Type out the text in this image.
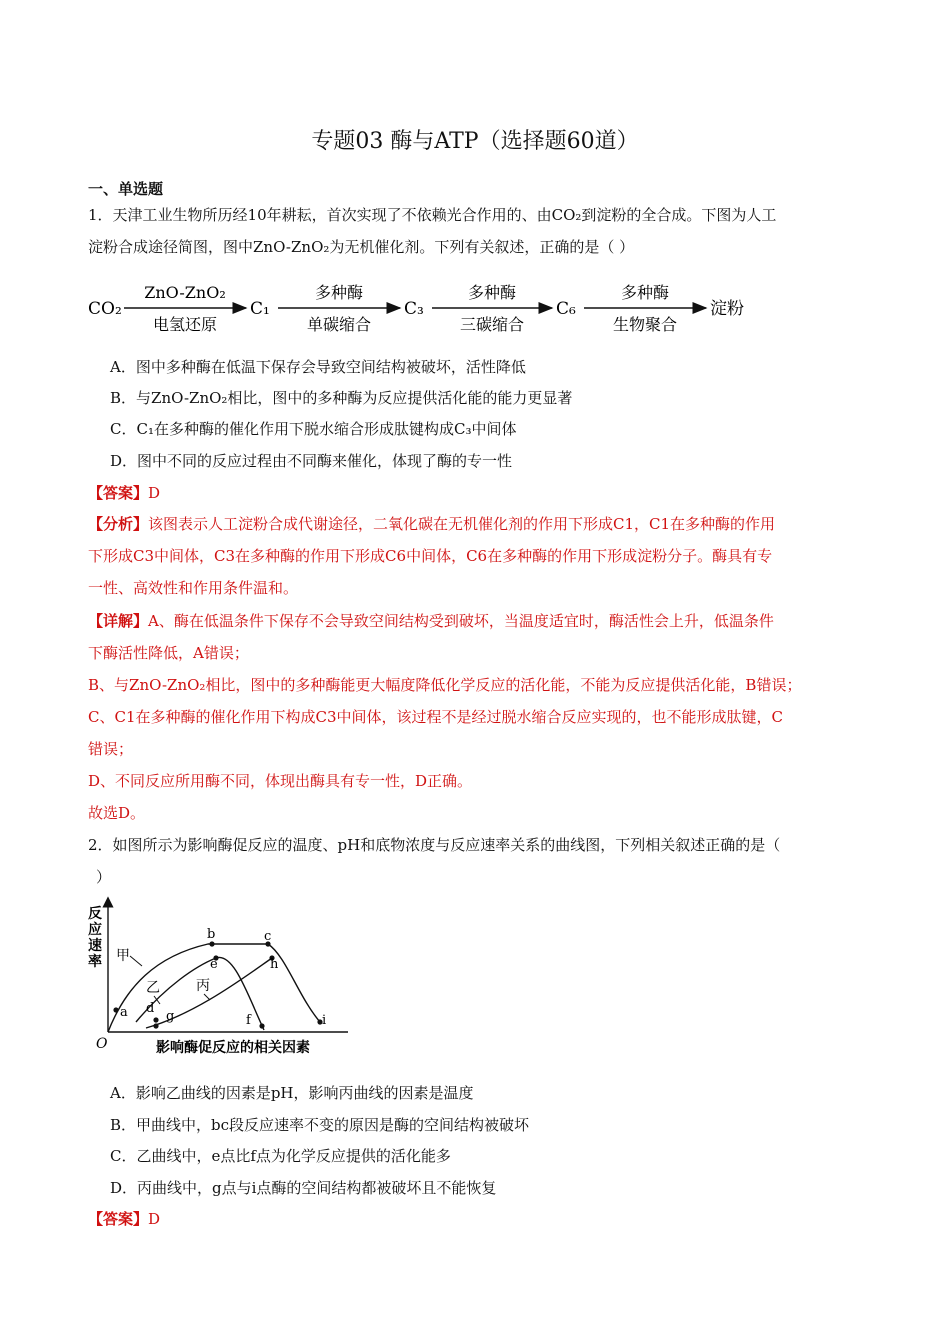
专题03 酶与ATP（选择题60道）
一、单选题
1．天津工业生物所历经10年耕耘，首次实现了不依赖光合作用的、由CO₂到淀粉的全合成。下图为人工
淀粉合成途径简图，图中ZnO-ZnO₂为无机催化剂。下列有关叙述，正确的是（ ）
CO₂
ZnO-ZnO₂
电氢还原
C₁
多种酶
单碳缩合
C₃
多种酶
三碳缩合
C₆
多种酶
生物聚合
淀粉
A．图中多种酶在低温下保存会导致空间结构被破坏，活性降低
B．与ZnO-ZnO₂相比，图中的多种酶为反应提供活化能的能力更显著
C．C₁在多种酶的催化作用下脱水缩合形成肽键构成C₃中间体
D．图中不同的反应过程由不同酶来催化，体现了酶的专一性
【答案】D
【分析】该图表示人工淀粉合成代谢途径，二氧化碳在无机催化剂的作用下形成C1，C1在多种酶的作用
下形成C3中间体，C3在多种酶的作用下形成C6中间体，C6在多种酶的作用下形成淀粉分子。酶具有专
一性、高效性和作用条件温和。
【详解】A、酶在低温条件下保存不会导致空间结构受到破坏，当温度适宜时，酶活性会上升，低温条件
下酶活性降低，A错误；
B、与ZnO-ZnO₂相比，图中的多种酶能更大幅度降低化学反应的活化能，不能为反应提供活化能，B错误；
C、C1在多种酶的催化作用下构成C3中间体，该过程不是经过脱水缩合反应实现的，也不能形成肽键，C
错误；
D、不同反应所用酶不同，体现出酶具有专一性，D正确。
故选D。
2．如图所示为影响酶促反应的温度、pH和底物浓度与反应速率关系的曲线图，下列相关叙述正确的是（
）
反
应
速
率
O	影响酶促反应的相关因素
a
b	c
d
e
f
g
h
i
甲
乙	丙
A．影响乙曲线的因素是pH，影响丙曲线的因素是温度
B．甲曲线中，bc段反应速率不变的原因是酶的空间结构被破坏
C．乙曲线中，e点比f点为化学反应提供的活化能多
D．丙曲线中，g点与i点酶的空间结构都被破坏且不能恢复
【答案】D
